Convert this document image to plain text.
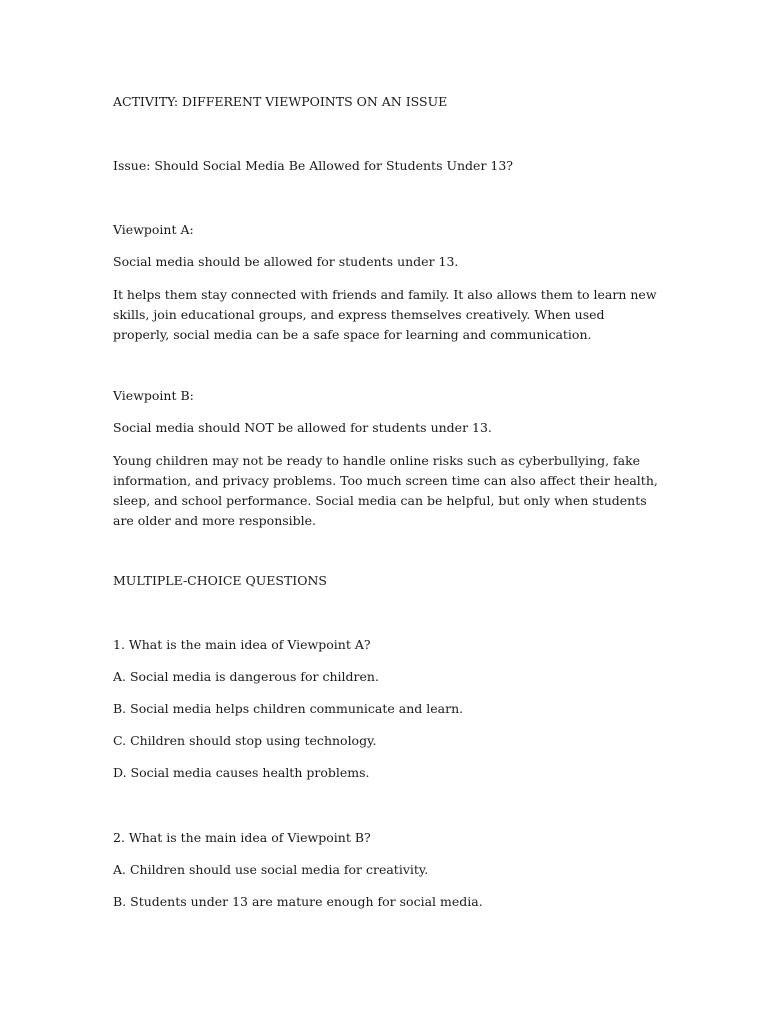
ACTIVITY: DIFFERENT VIEWPOINTS ON AN ISSUE

Issue: Should Social Media Be Allowed for Students Under 13?

Viewpoint A:

Social media should be allowed for students under 13.

It helps them stay connected with friends and family. It also allows them to learn new skills, join educational groups, and express themselves creatively. When used properly, social media can be a safe space for learning and communication.

Viewpoint B:

Social media should NOT be allowed for students under 13.

Young children may not be ready to handle online risks such as cyberbullying, fake information, and privacy problems. Too much screen time can also affect their health, sleep, and school performance. Social media can be helpful, but only when students are older and more responsible.

MULTIPLE-CHOICE QUESTIONS

1. What is the main idea of Viewpoint A?

A. Social media is dangerous for children.

B. Social media helps children communicate and learn.

C. Children should stop using technology.

D. Social media causes health problems.

2. What is the main idea of Viewpoint B?

A. Children should use social media for creativity.

B. Students under 13 are mature enough for social media.
